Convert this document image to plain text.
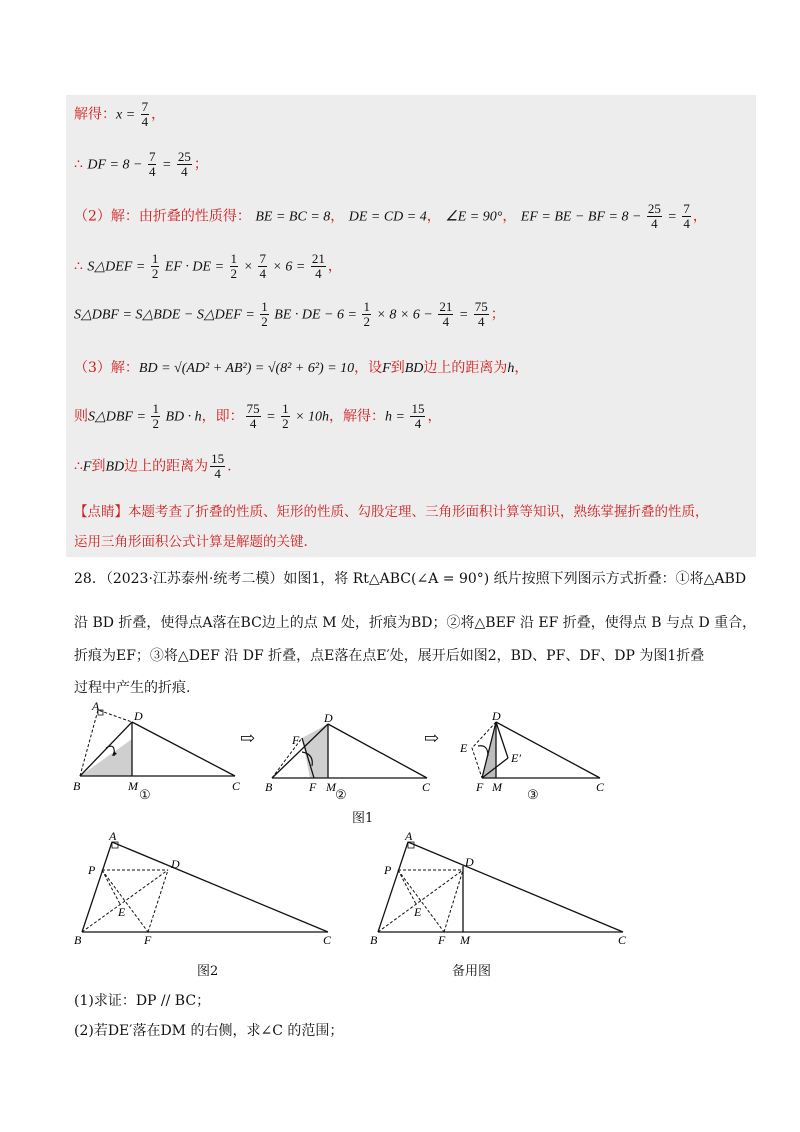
解得：$x = \frac{7}{4}$ ，
∴ DF = $8 - \frac{7}{4} = \frac{25}{4}$ ；
（2）解：由折叠的性质得： BE = BC = 8， DE = CD = 4， ∠E = 90°， EF = BE − BF = $8 - \frac{25}{4} = \frac{7}{4}$ ，
∴ S△DEF = $\frac{1}{2}$ EF · DE = $\frac{1}{2} \times \frac{7}{4} \times 6 = \frac{21}{4}$ ，
S△DBF = S△BDE − S△DEF = $\frac{1}{2}$ BE · DE − $6 = \frac{1}{2} \times 8 \times 6 - \frac{21}{4} = \frac{75}{4}$ ；
（3）解：BD = √(AD² + AB²) = √(8² + 6²) = 10，设F到BD边上的距离为h，
则S△DBF = $\frac{1}{2}$ BD · h，即： $\frac{75}{4} = \frac{1}{2} \times 10h$，解得：$h = \frac{15}{4}$ ，
∴F到BD边上的距离为 $\frac{15}{4}$ .
【点睛】本题考查了折叠的性质、矩形的性质、勾股定理、三角形面积计算等知识，熟练掌握折叠的性质，
运用三角形面积公式计算是解题的关键.
28．（2023·江苏泰州·统考二模）如图1，将 Rt△ABC(∠A = 90°) 纸片按照下列图示方式折叠：①将△ABD
沿 BD 折叠，使得点A落在BC边上的点 M 处，折痕为BD；②将△BEF 沿 EF 折叠，使得点 B 与点 D 重合，
折痕为EF；③将△DEF 沿 DF 折叠，点E落在点E′处，展开后如图2，BD、PF、DF、DP 为图1折叠
过程中产生的折痕.
A
D
B	M	C
①
⇨	F
D
B	F M	C
②
⇨ E
D
E′
F M	C
③
图1
A
P	D
E
B	F	C
图2
A
P
D
E
B	F M	C
备用图
(1)求证：DP // BC；
(2)若DE′落在DM 的右侧，求∠C 的范围；
